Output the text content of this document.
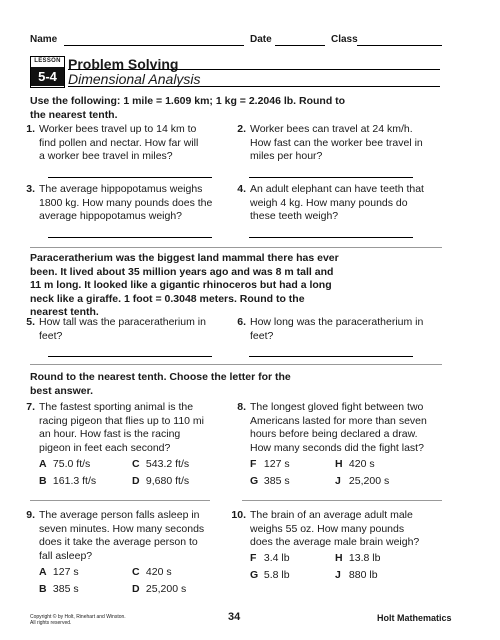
Name	Date	Class
LESSON
5-4
Problem Solving
Dimensional Analysis
Use the following: 1 mile = 1.609 km; 1 kg = 2.2046 lb. Round to
the nearest tenth.
1. Worker bees travel up to 14 km to
find pollen and nectar. How far will
a worker bee travel in miles?
2. Worker bees can travel at 24 km/h.
How fast can the worker bee travel in
miles per hour?
3. The average hippopotamus weighs
1800 kg. How many pounds does the
average hippopotamus weigh?
4. An adult elephant can have teeth that
weigh 4 kg. How many pounds do
these teeth weigh?
Paraceratherium was the biggest land mammal there has ever
been. It lived about 35 million years ago and was 8 m tall and
11 m long. It looked like a gigantic rhinoceros but had a long
neck like a giraffe. 1 foot = 0.3048 meters. Round to the
nearest tenth.
5. How tall was the paraceratherium in
feet?
6. How long was the paraceratherium in
feet?
Round to the nearest tenth. Choose the letter for the
best answer.
7. The fastest sporting animal is the
racing pigeon that flies up to 110 mi
an hour. How fast is the racing
pigeon in feet each second?
A 75.0 ft/s	C 543.2 ft/s
B 161.3 ft/s	D 9,680 ft/s
8. The longest gloved fight between two
Americans lasted for more than seven
hours before being declared a draw.
How many seconds did the fight last?
F 127 s	H 420 s
G 385 s	J 25,200 s
9. The average person falls asleep in
seven minutes. How many seconds
does it take the average person to
fall asleep?
A 127 s	C 420 s
B 385 s	D 25,200 s
10. The brain of an average adult male
weighs 55 oz. How many pounds
does the average male brain weigh?
F 3.4 lb	H 13.8 lb
G 5.8 lb	J 880 lb
Copyright © by Holt, Rinehart and Winston.
All rights reserved.	34	Holt Mathematics
